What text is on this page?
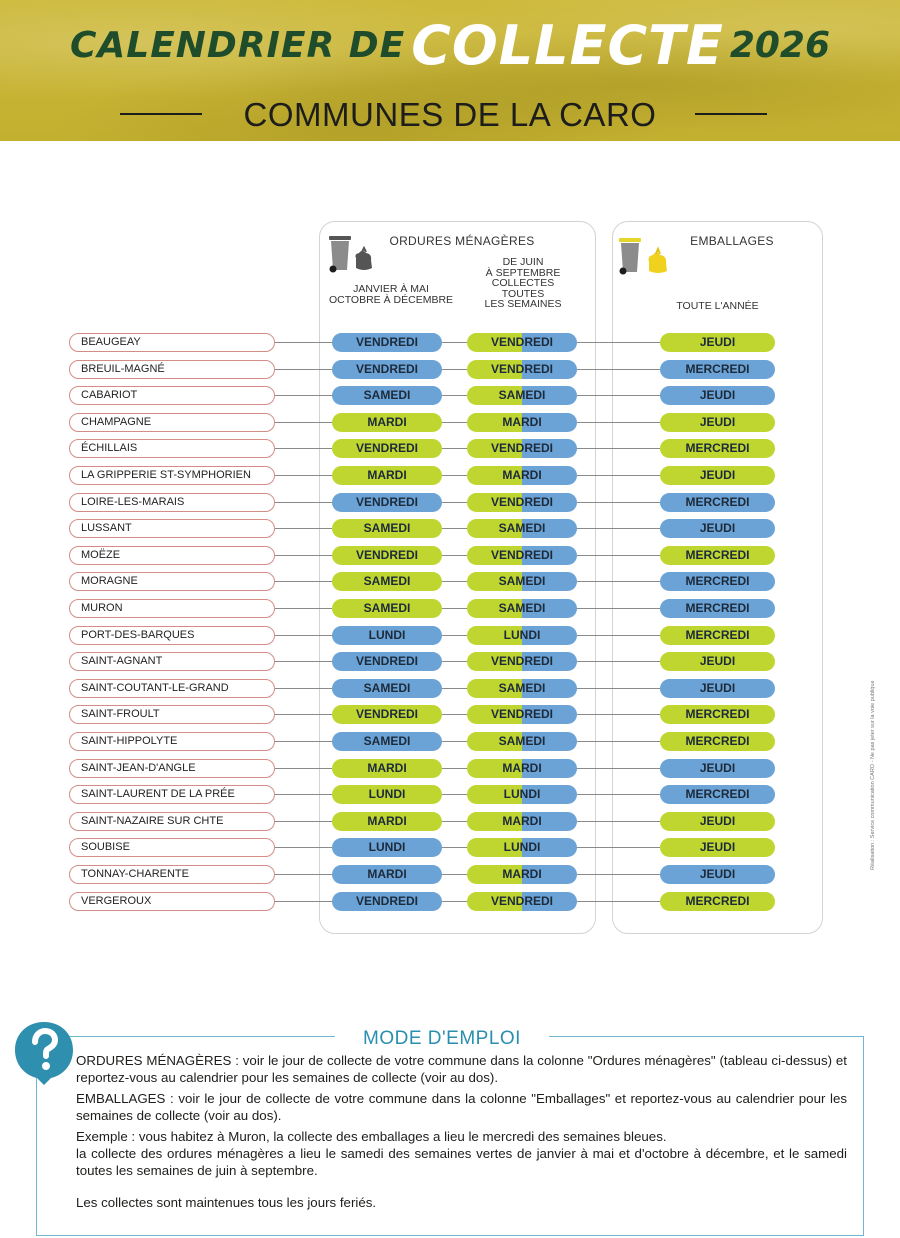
CALENDRIER DE COLLECTE 2026
COMMUNES DE LA CARO
ORDURES MÉNAGÈRES
JANVIER À MAI
OCTOBRE À DÉCEMBRE
DE JUIN
À SEPTEMBRE
COLLECTES
TOUTES
LES SEMAINES
EMBALLAGES
TOUTE L'ANNÉE
BEAUGEAY	VENDREDI	VENDREDI	JEUDI
BREUIL-MAGNÉ	VENDREDI	VENDREDI	MERCREDI
CABARIOT	SAMEDI	SAMEDI	JEUDI
CHAMPAGNE	MARDI	MARDI	JEUDI
ÉCHILLAIS	VENDREDI	VENDREDI	MERCREDI
LA GRIPPERIE ST-SYMPHORIEN	MARDI	MARDI	JEUDI
LOIRE-LES-MARAIS	VENDREDI	VENDREDI	MERCREDI
LUSSANT	SAMEDI	SAMEDI	JEUDI
MOËZE	VENDREDI	VENDREDI	MERCREDI
MORAGNE	SAMEDI	SAMEDI	MERCREDI
MURON	SAMEDI	SAMEDI	MERCREDI
PORT-DES-BARQUES	LUNDI	LUNDI	MERCREDI
SAINT-AGNANT	VENDREDI	VENDREDI	JEUDI
SAINT-COUTANT-LE-GRAND	SAMEDI	SAMEDI	JEUDI
SAINT-FROULT	VENDREDI	VENDREDI	MERCREDI
SAINT-HIPPOLYTE	SAMEDI	SAMEDI	MERCREDI
SAINT-JEAN-D'ANGLE	MARDI	MARDI	JEUDI
SAINT-LAURENT DE LA PRÉE	LUNDI	LUNDI	MERCREDI
SAINT-NAZAIRE SUR CHTE	MARDI	MARDI	JEUDI
SOUBISE	LUNDI	LUNDI	JEUDI
TONNAY-CHARENTE	MARDI	MARDI	JEUDI
VERGEROUX	VENDREDI	VENDREDI	MERCREDI
Réalisation : Service communication CARO - Ne pas jeter sur la voie publique
MODE D'EMPLOI
ORDURES MÉNAGÈRES : voir le jour de collecte de votre commune dans la colonne "Ordures ménagères" (tableau ci-dessus) et reportez-vous au calendrier pour les semaines de collecte (voir au dos).
EMBALLAGES : voir le jour de collecte de votre commune dans la colonne "Emballages" et reportez-vous au calendrier pour les semaines de collecte (voir au dos).
Exemple : vous habitez à Muron, la collecte des emballages a lieu le mercredi des semaines bleues.
la collecte des ordures ménagères a lieu le samedi des semaines vertes de janvier à mai et d'octobre à décembre, et le samedi toutes les semaines de juin à septembre.
Les collectes sont maintenues tous les jours feriés.
